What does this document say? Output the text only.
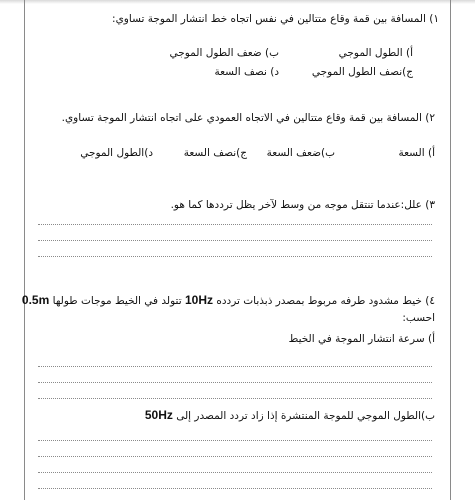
١) المسافة بين قمة وقاع متتالين في نفس اتجاه خط انتشار الموجة تساوي:
أ) الطول الموجي
ب) ضعف الطول الموجي
ج)نصف الطول الموجي
د) نصف السعة
٢) المسافة بين قمة وقاع متتالين في الاتجاه العمودي على اتجاه انتشار الموجة تساوي.
أ) السعة
ب)ضعف السعة
ج)نصف السعة
د)الطول الموجي
٣) علل:عندما تنتقل موجه من وسط لآخر يظل ترددها كما هو.
٤) خيط مشدود طرفه مربوط بمصدر ذبذبات تردده 10Hz تتولد في الخيط موجات طولها 0.5m
احسب:
أ) سرعة انتشار الموجة في الخيط
ب)الطول الموجي للموجة المنتشرة إذا زاد تردد المصدر إلى 50Hz
